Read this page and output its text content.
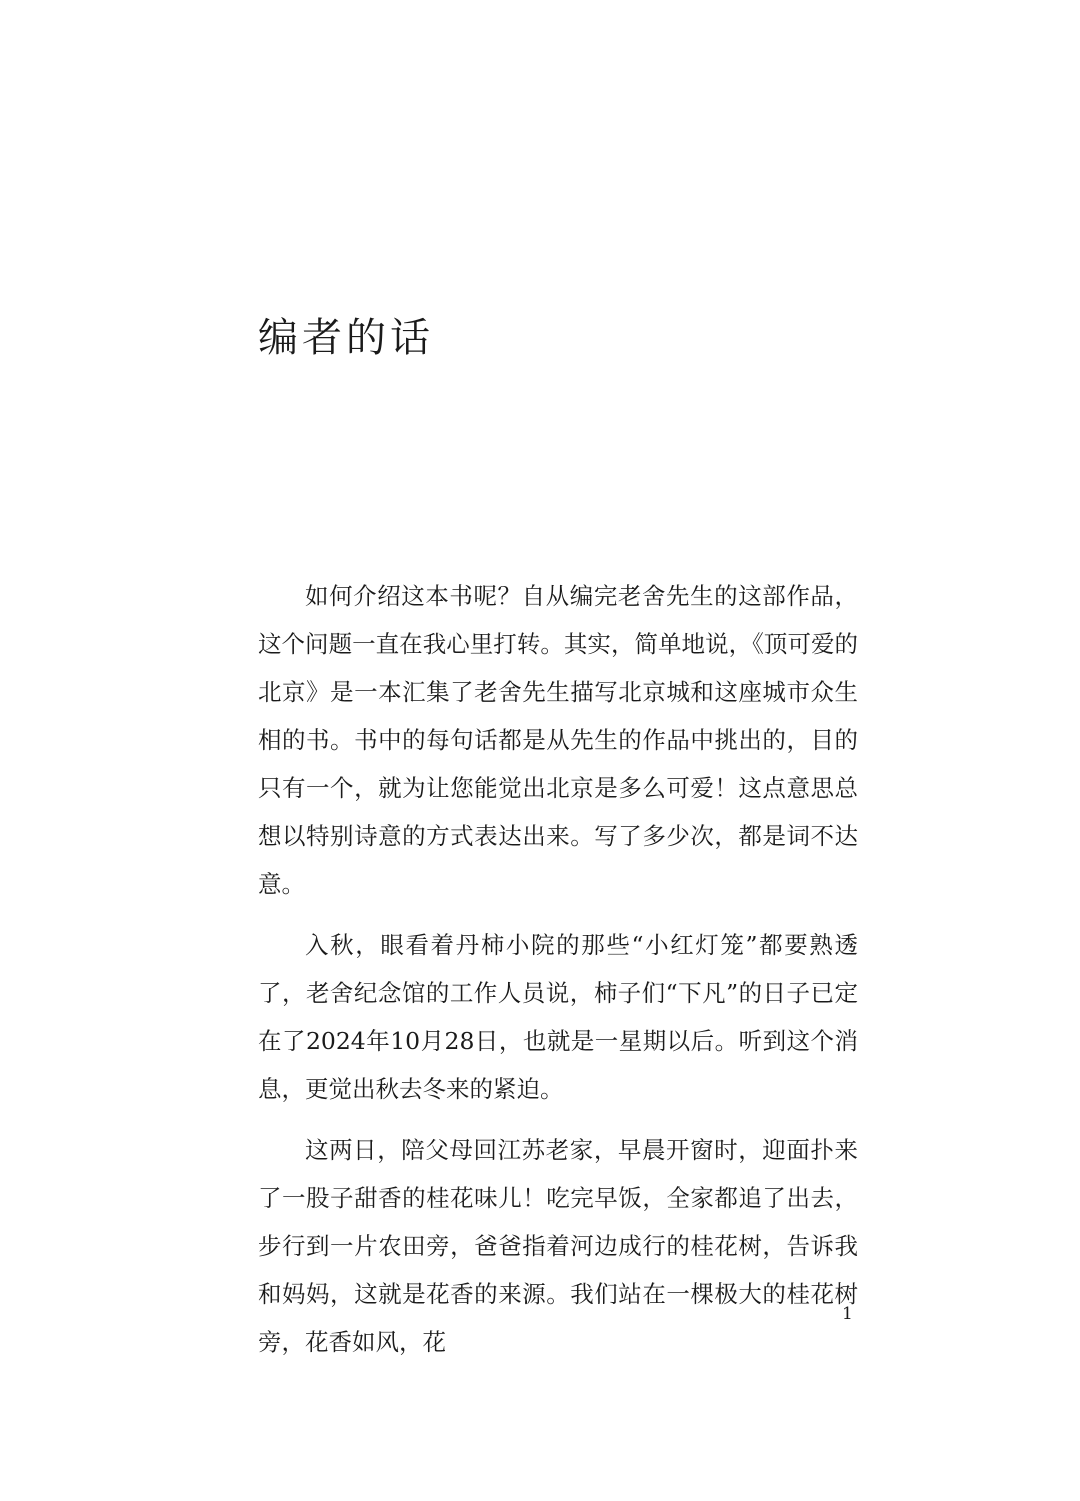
编者的话

如何介绍这本书呢？自从编完老舍先生的这部作品，这个问题一直在我心里打转。其实，简单地说，《顶可爱的北京》是一本汇集了老舍先生描写北京城和这座城市众生相的书。书中的每句话都是从先生的作品中挑出的，目的只有一个，就为让您能觉出北京是多么可爱！这点意思总想以特别诗意的方式表达出来。写了多少次，都是词不达意。

入秋，眼看着丹柿小院的那些“小红灯笼”都要熟透了，老舍纪念馆的工作人员说，柿子们“下凡”的日子已定在了2024年10月28日，也就是一星期以后。听到这个消息，更觉出秋去冬来的紧迫。

这两日，陪父母回江苏老家，早晨开窗时，迎面扑来了一股子甜香的桂花味儿！吃完早饭，全家都追了出去，步行到一片农田旁，爸爸指着河边成行的桂花树，告诉我和妈妈，这就是花香的来源。我们站在一棵极大的桂花树旁，花香如风，花

1
